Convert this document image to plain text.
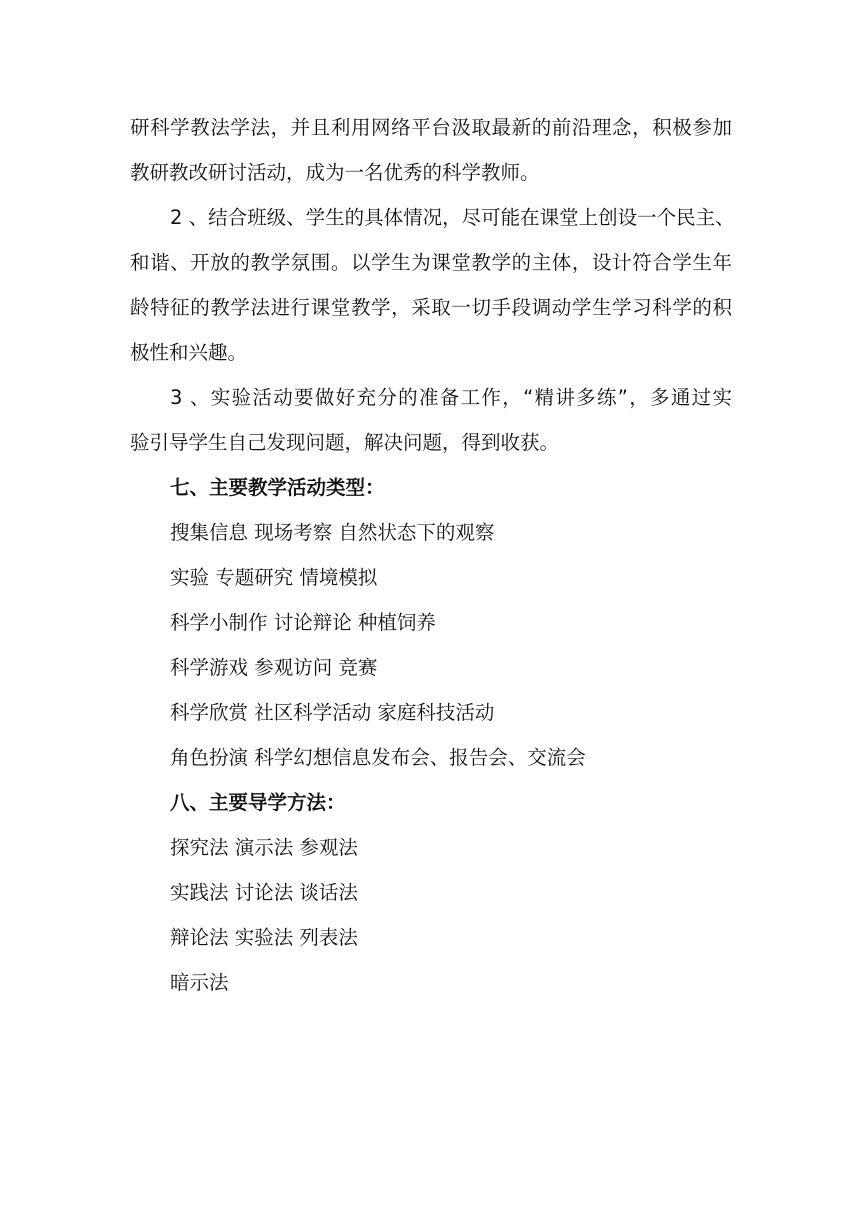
研科学教法学法，并且利用网络平台汲取最新的前沿理念，积极参加
教研教改研讨活动，成为一名优秀的科学教师。
2 、结合班级、学生的具体情况，尽可能在课堂上创设一个民主、
和谐、开放的教学氛围。以学生为课堂教学的主体，设计符合学生年
龄特征的教学法进行课堂教学，采取一切手段调动学生学习科学的积
极性和兴趣。
3 、实验活动要做好充分的准备工作，“精讲多练”，多通过实
验引导学生自己发现问题，解决问题，得到收获。
七、主要教学活动类型：
搜集信息 现场考察 自然状态下的观察
实验 专题研究 情境模拟
科学小制作 讨论辩论 种植饲养
科学游戏 参观访问 竞赛
科学欣赏 社区科学活动 家庭科技活动
角色扮演 科学幻想信息发布会、报告会、交流会
八、主要导学方法：
探究法 演示法 参观法
实践法 讨论法 谈话法
辩论法 实验法 列表法
暗示法
